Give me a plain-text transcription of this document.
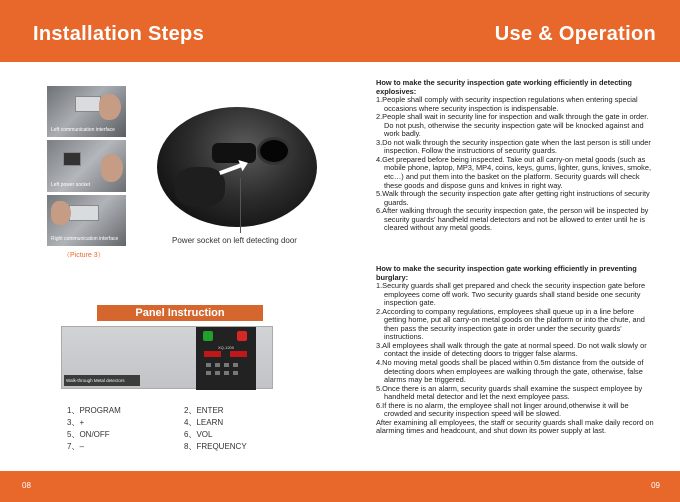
Installation Steps	Use & Operation
Left communication interface
Left power socket
Right communication interface
（Picture 3）
Power socket on left detecting door
Panel Instruction
XQ-1200
Walk-through Metal detectors
1、PROGRAM	2、ENTER
3、+	4、LEARN
5、ON/OFF	6、VOL
7、–	8、FREQUENCY
How to make the security inspection gate working efficiently in detecting explosives:
1.People shall comply with security inspection regulations when entering special occasions where security inspection is indispensable.
2.People shall wait in security line for inspection and walk through the gate in order. Do not push, otherwise the security inspection gate will be knocked against and work badly.
3.Do not walk through the security inspection gate when the last person is still under inspection. Follow the instructions of security guards.
4.Get prepared before being inspected. Take out all carry-on metal goods (such as mobile phone, laptop, MP3, MP4, coins, keys, gums, lighter, guns, knives, smoke, etc…) and put them into the basket on the platform. Security guards will check these goods and dispose guns and knives in right way.
5.Walk through the security inspection gate after getting right instructions of security guards.
6.After walking through the security inspection gate, the person will be inspected by security guards' handheld metal detectors and not be allowed to enter until he is cleared without any metal goods.
How to make the security inspection gate working efficiently in preventing burglary:
1.Security guards shall get prepared and check the security inspection gate before employees come off work. Two security guards shall stand beside one security inspection gate.
2.According to company regulations, employees shall queue up in a line before getting home, put all carry-on metal goods on the platform or into the chute, and then pass the security inspection gate in order under the security guards' instructions.
3.All employees shall walk through the gate at normal speed. Do not walk slowly or contact the inside of detecting doors to trigger false alarms.
4.No moving metal goods shall be placed within 0.5m distance from the outside of detecting doors when employees are walking through the gate, otherwise, false alarms may be triggered.
5.Once there is an alarm, security guards shall examine the suspect employee by handheld metal detector and let the next employee pass.
6.If there is no alarm, the employee shall not linger around,otherwise it will be crowded and security inspection speed will be slowed.
After examining all employees, the staff or security guards shall make daily record on alarming times and headcount, and shut down its power supply at last.
08	09
